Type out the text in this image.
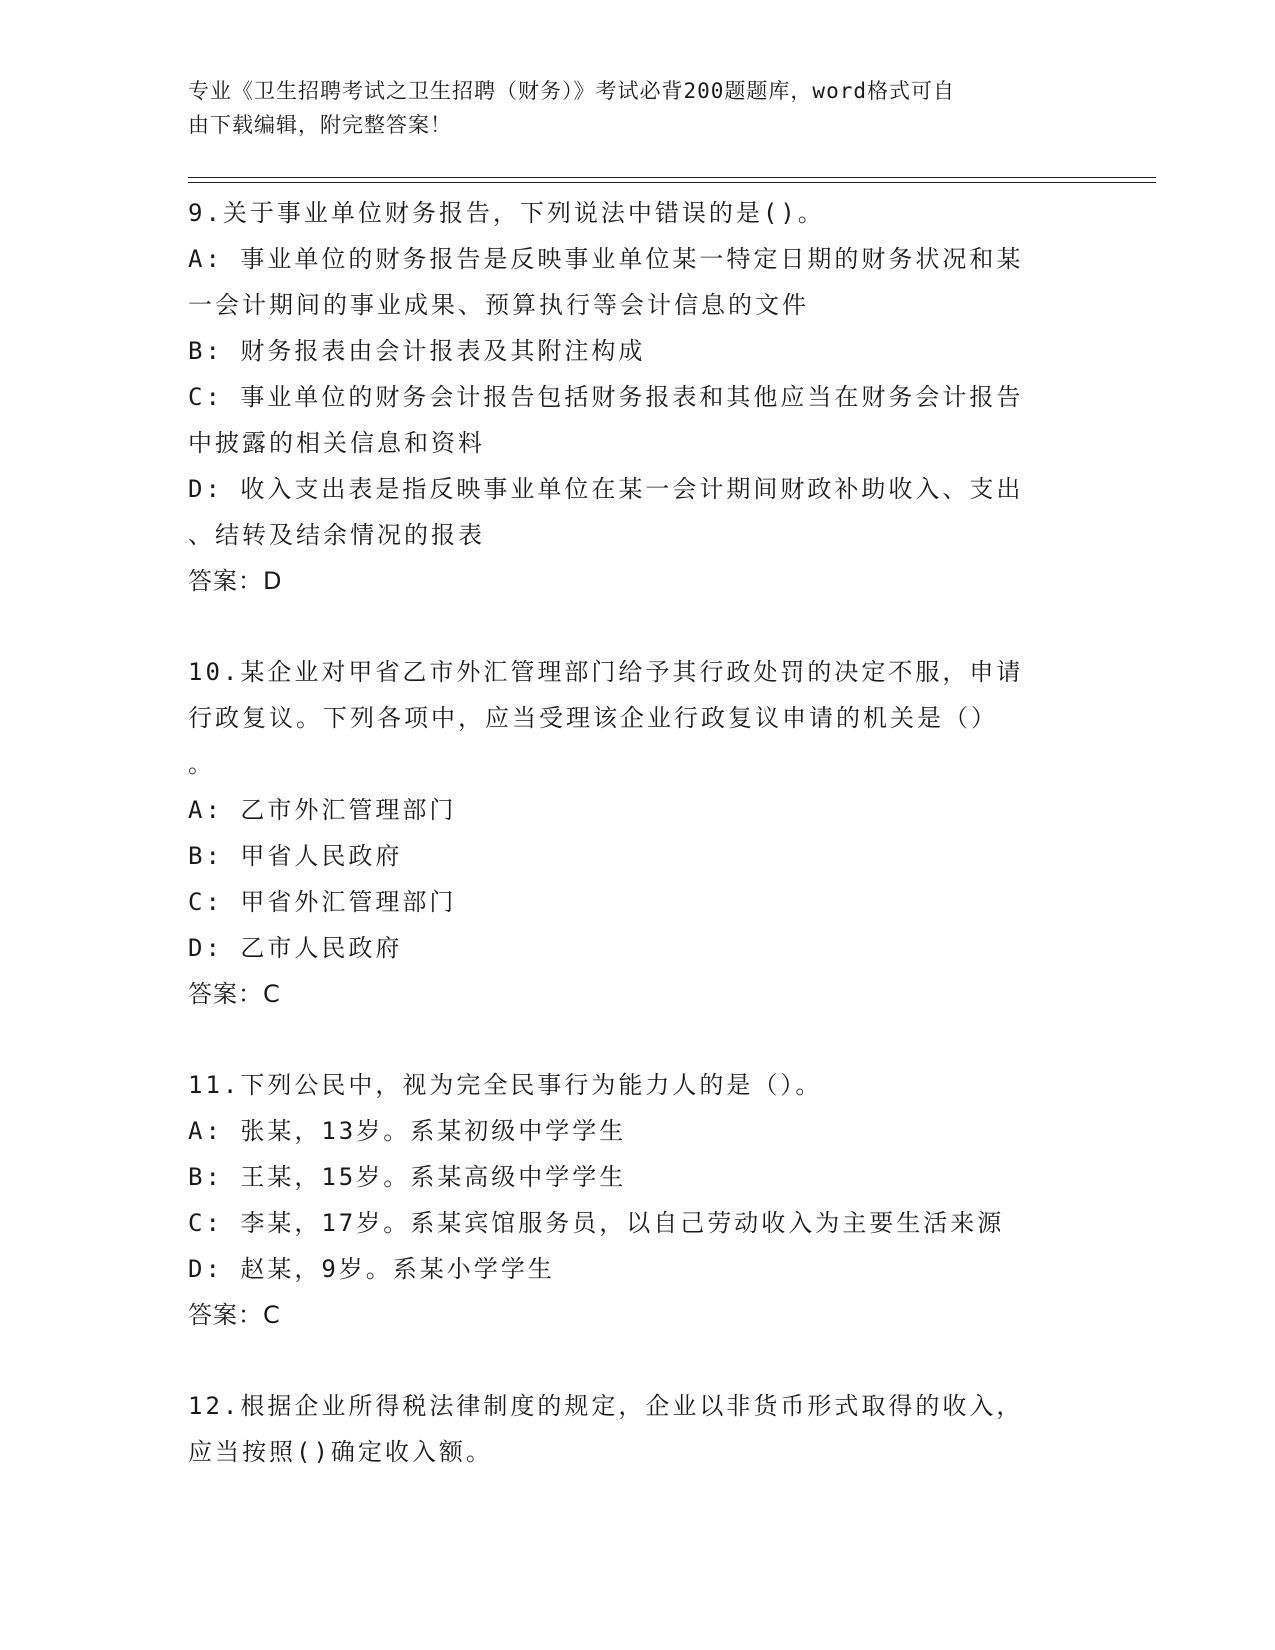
专业《卫生招聘考试之卫生招聘（财务）》考试必背200题题库，word格式可自
由下载编辑，附完整答案！
9.关于事业单位财务报告，下列说法中错误的是()。
A: 事业单位的财务报告是反映事业单位某一特定日期的财务状况和某
一会计期间的事业成果、预算执行等会计信息的文件
B: 财务报表由会计报表及其附注构成
C: 事业单位的财务会计报告包括财务报表和其他应当在财务会计报告
中披露的相关信息和资料
D: 收入支出表是指反映事业单位在某一会计期间财政补助收入、支出
、结转及结余情况的报表
答案：D
10.某企业对甲省乙市外汇管理部门给予其行政处罚的决定不服，申请
行政复议。下列各项中，应当受理该企业行政复议申请的机关是（）
。
A: 乙市外汇管理部门
B: 甲省人民政府
C: 甲省外汇管理部门
D: 乙市人民政府
答案：C
11.下列公民中，视为完全民事行为能力人的是（）。
A: 张某，13岁。系某初级中学学生
B: 王某，15岁。系某高级中学学生
C: 李某，17岁。系某宾馆服务员，以自己劳动收入为主要生活来源
D: 赵某，9岁。系某小学学生
答案：C
12.根据企业所得税法律制度的规定，企业以非货币形式取得的收入，
应当按照()确定收入额。
